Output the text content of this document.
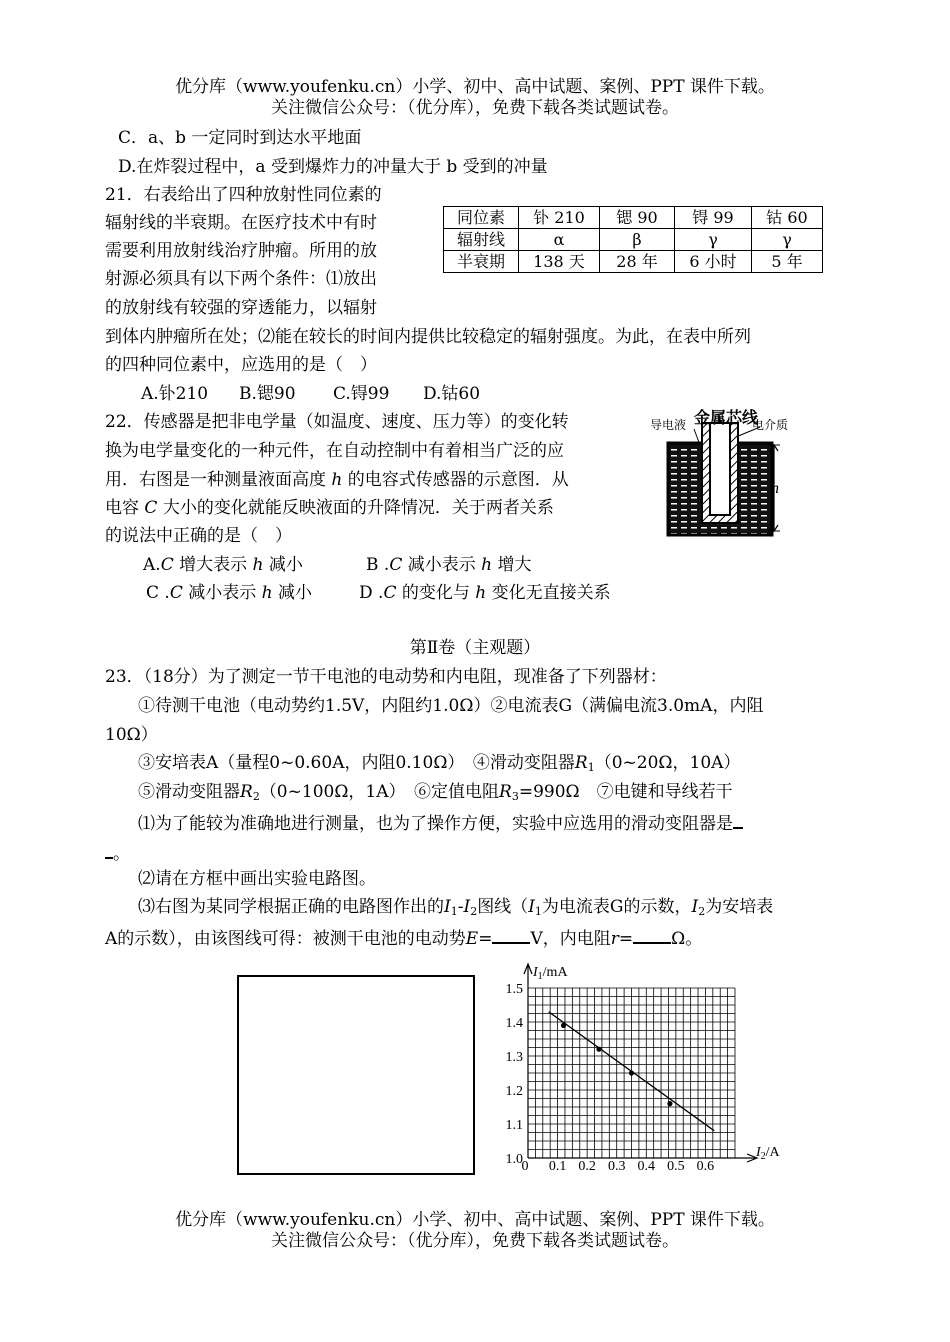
优分库（www.youfenku.cn）小学、初中、高中试题、案例、PPT 课件下载。
关注微信公众号：（优分库），免费下载各类试题试卷。
C．a、b 一定同时到达水平地面
D.在炸裂过程中，a 受到爆炸力的冲量大于 b 受到的冲量
21．右表给出了四种放射性同位素的
辐射线的半衰期。在医疗技术中有时
需要利用放射线治疗肿瘤。所用的放
射源必须具有以下两个条件：⑴放出
的放射线有较强的穿透能力，以辐射
到体内肿瘤所在处；⑵能在较长的时间内提供比较稳定的辐射强度。为此，在表中所列
的四种同位素中，应选用的是（　）
A.钋210 B.锶90 C.锝99 D.钴60
同位素	钋 210	锶 90	锝 99	钴 60
辐射线	α	β	γ	γ
半衰期	138 天	28 年	6 小时	5 年
22．传感器是把非电学量（如温度、速度、压力等）的变化转
换为电学量变化的一种元件，在自动控制中有着相当广泛的应
用．右图是一种测量液面高度 h 的电容式传感器的示意图．从
电容 C 大小的变化就能反映液面的升降情况．关于两者关系
的说法中正确的是（　）
A.C 增大表示 h 减小	B .C 减小表示 h 增大
C .C 减小表示 h 减小	D .C 的变化与 h 变化无直接关系
导电液 金属芯线
电介质
h
第Ⅱ卷（主观题）
23．（18分）为了测定一节干电池的电动势和内电阻，现准备了下列器材：
①待测干电池（电动势约1.5V，内阻约1.0Ω）②电流表G（满偏电流3.0mA，内阻
10Ω）
③安培表A（量程0~0.60A，内阻0.10Ω）　④滑动变阻器$R_1(0\sim 20\Omega$，10A）
⑤滑动变阻器$R_2(0\sim 100\Omega$，1A）　⑥定值电阻$R_3=990\Omega$　⑦电键和导线若干
⑴为了能较为准确地进行测量，也为了操作方便，实验中应选用的滑动变阻器是
。
⑵请在方框中画出实验电路图。
⑶右图为某同学根据正确的电路图作出的$I_1-I_2$图线（$I_1$为电流表G的示数，$I_2$为安培表
A的示数），由该图线可得：被测干电池的电动势E= V，内电阻r= Ω。
$I_1/mA$
$I_2/A$
1.0
1.1
1.2
1.3
1.4
1.5
0 0.1 0.2 0.3 0.4 0.5 0.6
优分库（www.youfenku.cn）小学、初中、高中试题、案例、PPT 课件下载。
关注微信公众号：（优分库），免费下载各类试题试卷。
